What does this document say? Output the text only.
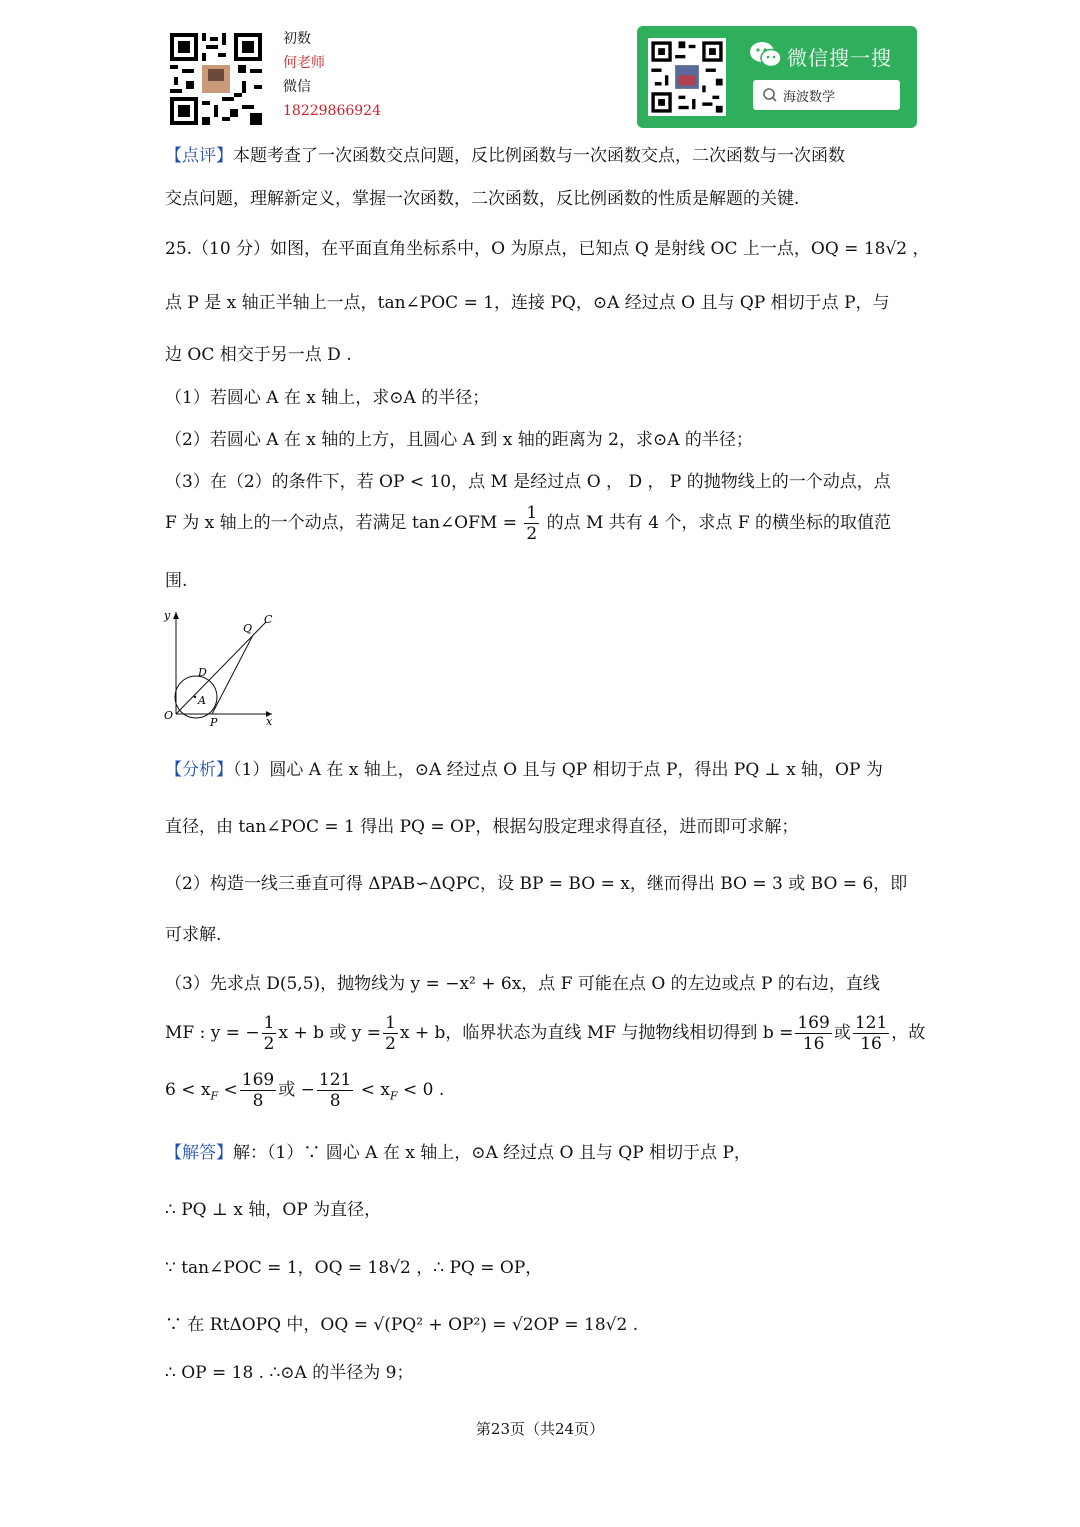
初数
何老师
微信
18229866924
微信搜一搜
海波数学
【点评】本题考查了一次函数交点问题，反比例函数与一次函数交点，二次函数与一次函数
交点问题，理解新定义，掌握一次函数，二次函数，反比例函数的性质是解题的关键.
25.（10 分）如图，在平面直角坐标系中，O 为原点，已知点 Q 是射线 OC 上一点，OQ = 18√2 ，
点 P 是 x 轴正半轴上一点，tan∠POC = 1，连接 PQ，⊙A 经过点 O 且与 QP 相切于点 P，与
边 OC 相交于另一点 D .
（1）若圆心 A 在 x 轴上，求⊙A 的半径；
（2）若圆心 A 在 x 轴的上方，且圆心 A 到 x 轴的距离为 2，求⊙A 的半径；
（3）在（2）的条件下，若 OP < 10，点 M 是经过点 O ， D ， P 的抛物线上的一个动点，点
F 为 x 轴上的一个动点，若满足 tan∠OFM = $\frac{1}{2}$ 的点 M 共有 4 个，求点 F 的横坐标的取值范
围.
y
x
O
P
A
D
Q
C
【分析】（1）圆心 A 在 x 轴上，⊙A 经过点 O 且与 QP 相切于点 P，得出 PQ ⊥ x 轴，OP 为
直径，由 tan∠POC = 1 得出 PQ = OP，根据勾股定理求得直径，进而即可求解；
（2）构造一线三垂直可得 ΔPAB∽ΔQPC，设 BP = BO = x，继而得出 BO = 3 或 BO = 6，即
可求解.
（3）先求点 D(5,5)，抛物线为 y = −x² + 6x，点 F 可能在点 O 的左边或点 P 的右边，直线
MF : y = − $\frac{1}{2}$ x + b 或 $y = \frac{1}{2}$ x + b，临界状态为直线 MF 与抛物线相切得到 $b = \frac{169}{16}$ 或 $\frac{121}{16}$ ，故
$6 < x_F < \frac{169}{8}$ 或 − $\frac{121}{8} < x_F < 0$ .
【解答】解：（1）∵ 圆心 A 在 x 轴上，⊙A 经过点 O 且与 QP 相切于点 P，
∴ PQ ⊥ x 轴，OP 为直径，
∵ tan∠POC = 1，OQ = 18√2 ，∴ PQ = OP，
∵ 在 RtΔOPQ 中，OQ = √(PQ² + OP²) = √2OP = 18√2 .
∴ OP = 18 . ∴⊙A 的半径为 9；
第23页（共24页）
